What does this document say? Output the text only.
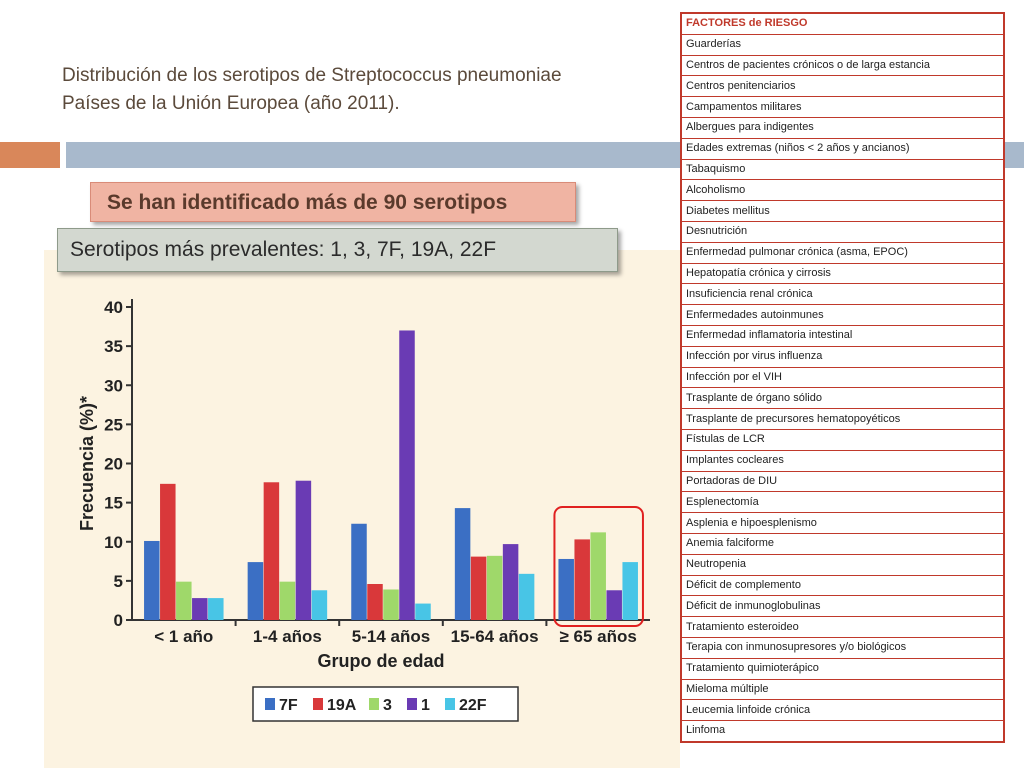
Distribución de los serotipos de Streptococcus pneumoniae
Países de la Unión Europea (año 2011).
Se han identificado más de 90 serotipos
Serotipos más prevalentes: 1, 3, 7F, 19A, 22F
0
5
10
15
20
25
30
35
40
Frecuencia (%)*
< 1 año 1-4 años 5-14 años 15-64 años ≥ 65 años
Grupo de edad
7F 19A 3 1 22F
FACTORES de RIESGO
Guarderías
Centros de pacientes crónicos o de larga estancia
Centros penitenciarios
Campamentos militares
Albergues para indigentes
Edades extremas (niños < 2 años y ancianos)
Tabaquismo
Alcoholismo
Diabetes mellitus
Desnutrición
Enfermedad pulmonar crónica (asma, EPOC)
Hepatopatía crónica y cirrosis
Insuficiencia renal crónica
Enfermedades autoinmunes
Enfermedad inflamatoria intestinal
Infección por virus influenza
Infección por el VIH
Trasplante de órgano sólido
Trasplante de precursores hematopoyéticos
Fístulas de LCR
Implantes cocleares
Portadoras de DIU
Esplenectomía
Asplenia e hipoesplenismo
Anemia falciforme
Neutropenia
Déficit de complemento
Déficit de inmunoglobulinas
Tratamiento esteroideo
Terapia con inmunosupresores y/o biológicos
Tratamiento quimioterápico
Mieloma múltiple
Leucemia linfoide crónica
Linfoma
